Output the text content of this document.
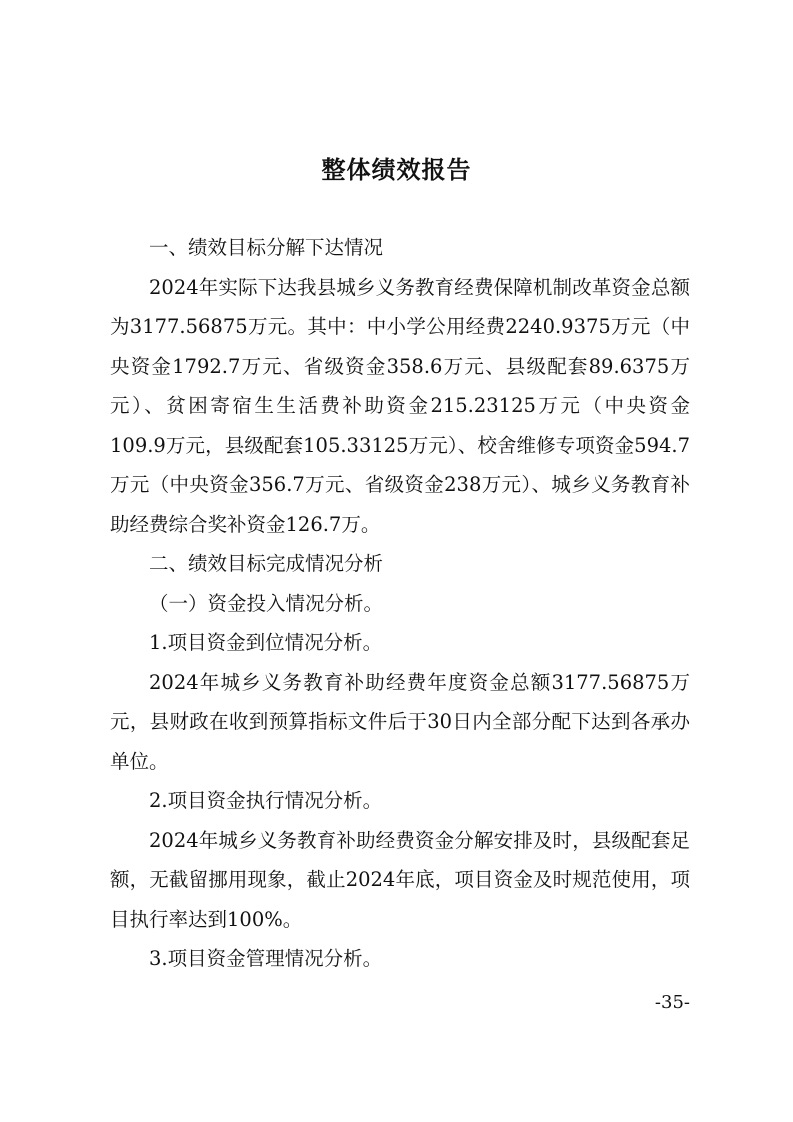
整体绩效报告

一、绩效目标分解下达情况

2024年实际下达我县城乡义务教育经费保障机制改革资金总额为3177.56875万元。其中：中小学公用经费2240.9375万元（中央资金1792.7万元、省级资金358.6万元、县级配套89.6375万元）、贫困寄宿生生活费补助资金215.23125万元（中央资金109.9万元，县级配套105.33125万元）、校舍维修专项资金594.7万元（中央资金356.7万元、省级资金238万元）、城乡义务教育补助经费综合奖补资金126.7万。

二、绩效目标完成情况分析

（一）资金投入情况分析。

1.项目资金到位情况分析。

2024年城乡义务教育补助经费年度资金总额3177.56875万元，县财政在收到预算指标文件后于30日内全部分配下达到各承办单位。

2.项目资金执行情况分析。

2024年城乡义务教育补助经费资金分解安排及时，县级配套足额，无截留挪用现象，截止2024年底，项目资金及时规范使用，项目执行率达到100%。

3.项目资金管理情况分析。

-35-
